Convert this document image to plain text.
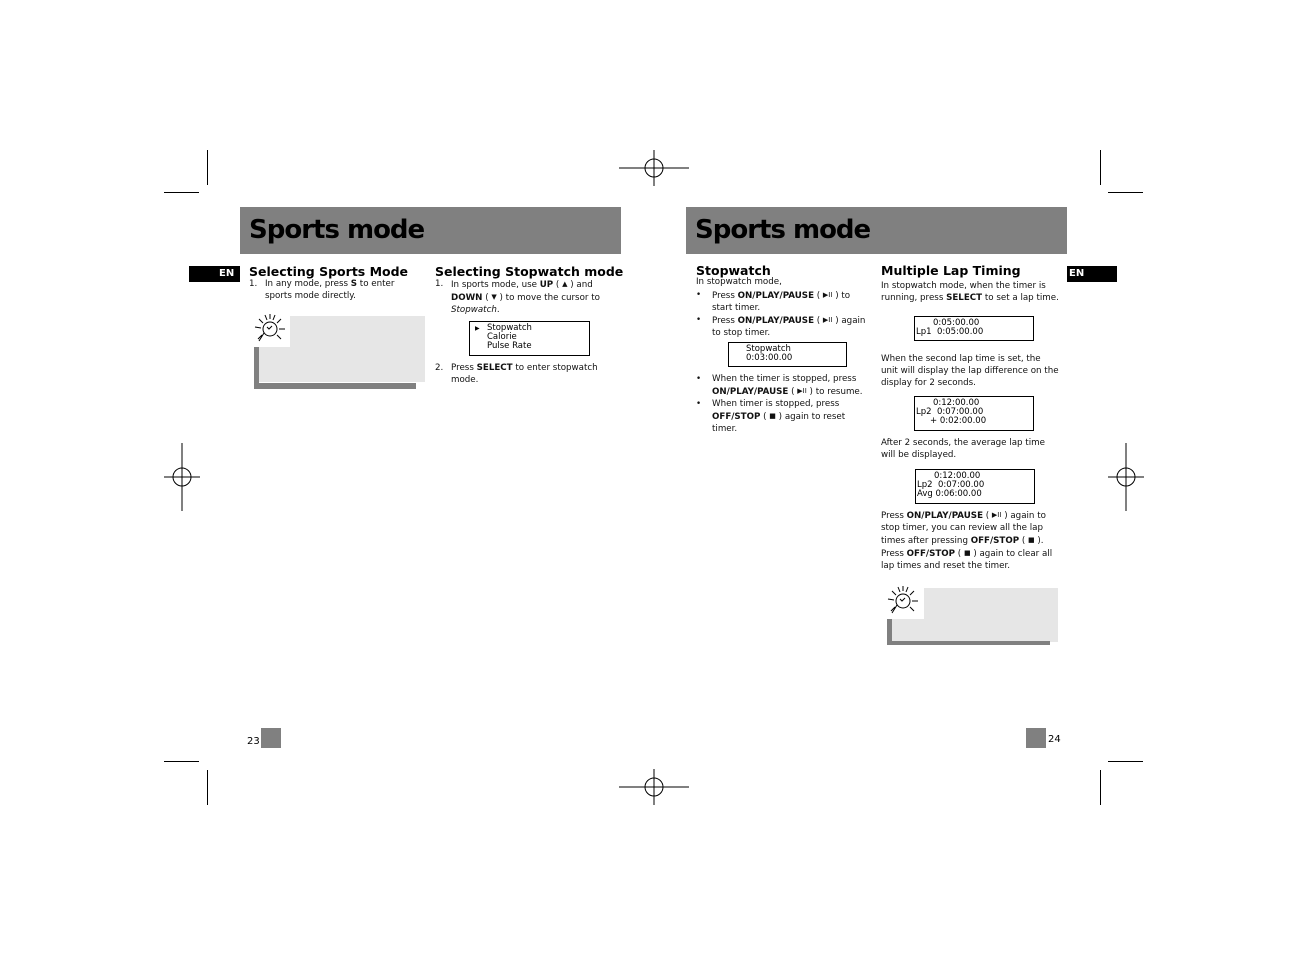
Sports mode
EN	Selecting Sports Mode
1. In any mode, press S to enter sports mode directly.
Selecting Stopwatch mode
1. In sports mode, use UP ( ▲ ) and
DOWN ( ▼ ) to move the cursor to
Stopwatch.
▶ Stopwatch
Calorie
Pulse Rate
2. Press SELECT to enter stopwatch mode.
23
Sports mode
EN
Stopwatch

In stopwatch mode,

•	Press ON/PLAY/PAUSE ( ▶II ) to start timer.
•	Press ON/PLAY/PAUSE ( ▶II ) again to stop timer.
Stopwatch
0:03:00.00
•	When the timer is stopped, press ON/PLAY/PAUSE ( ▶II ) to resume.
•	When timer is stopped, press OFF/STOP ( ■ ) again to reset timer.
Multiple Lap Timing

In stopwatch mode, when the timer is running, press SELECT to set a lap time.

0:05:00.00
Lp1  0:05:00.00

When the second lap time is set, the unit will display the lap difference on the display for 2 seconds.

0:12:00.00
Lp2  0:07:00.00
+ 0:02:00.00

After 2 seconds, the average lap time will be displayed.

0:12:00.00
Lp2  0:07:00.00
Avg 0:06:00.00

Press ON/PLAY/PAUSE ( ▶II ) again to stop timer, you can review all the lap times after pressing OFF/STOP ( ■ ).

Press OFF/STOP ( ■ ) again to clear all lap times and reset the timer.

24
